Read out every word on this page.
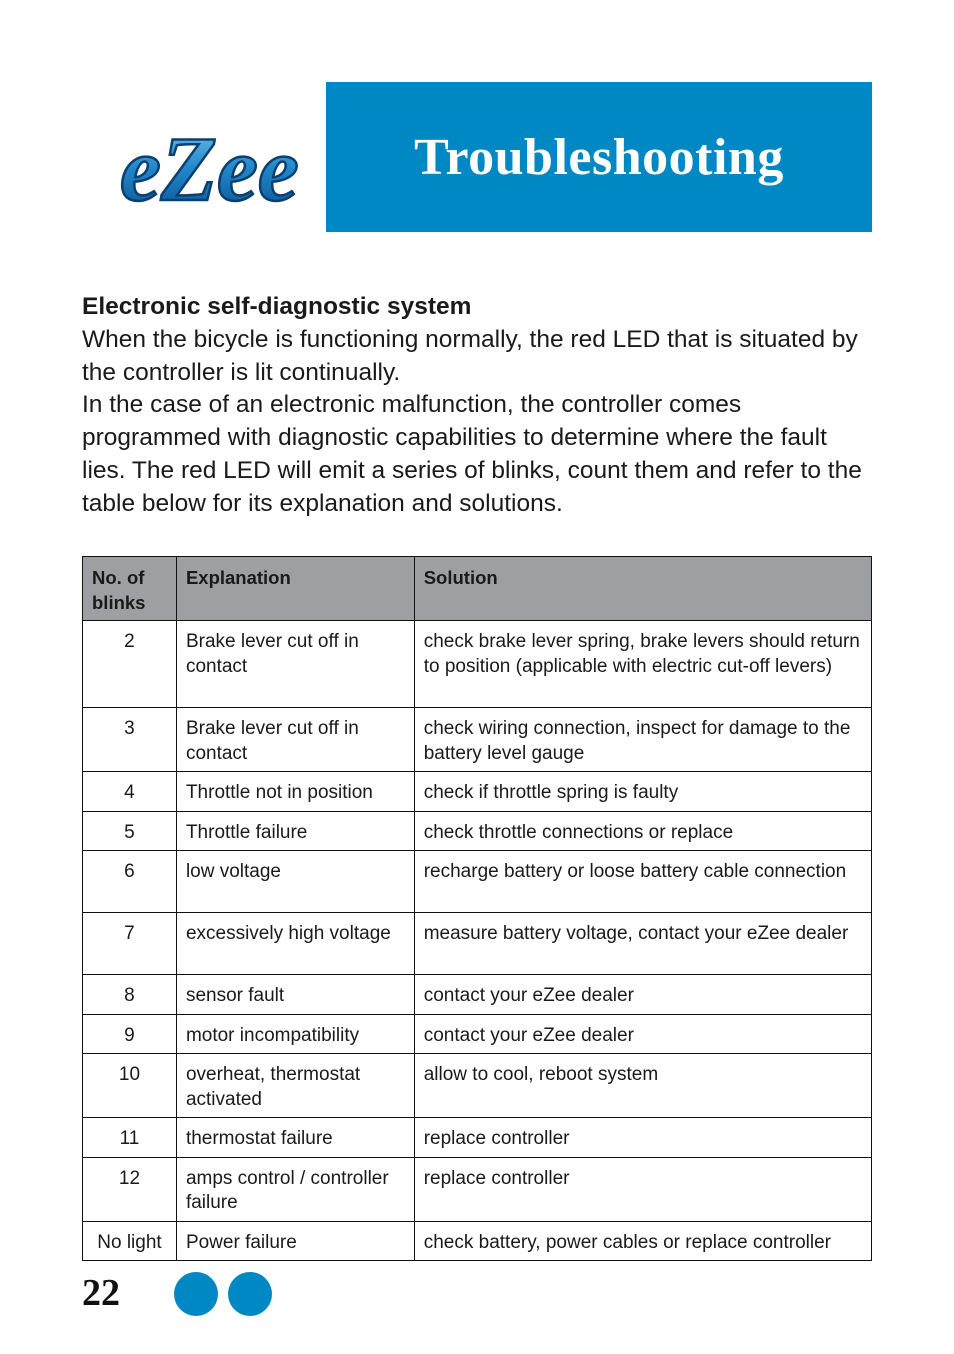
eZee Troubleshooting
Electronic self-diagnostic system

When the bicycle is functioning normally, the red LED that is situated by the controller is lit continually.

In the case of an electronic malfunction, the controller comes programmed with diagnostic capabilities to determine where the fault lies. The red LED will emit a series of blinks, count them and refer to the table below for its explanation and solutions.

No. of blinks	Explanation	Solution
2	Brake lever cut off in contact	check brake lever spring, brake levers should return to position (applicable with electric cut-off levers)
3	Brake lever cut off in contact	check wiring connection, inspect for damage to the battery level gauge
4	Throttle not in position	check if throttle spring is faulty
5	Throttle failure	check throttle connections or replace
6	low voltage	recharge battery or loose battery cable connection
7	excessively high voltage	measure battery voltage, contact your eZee dealer
8	sensor fault	contact your eZee dealer
9	motor incompatibility	contact your eZee dealer
10	overheat, thermostat activated	allow to cool, reboot system
11	thermostat failure	replace controller
12	amps control / controller failure	replace controller
No light	Power failure	check battery, power cables or replace controller
22
